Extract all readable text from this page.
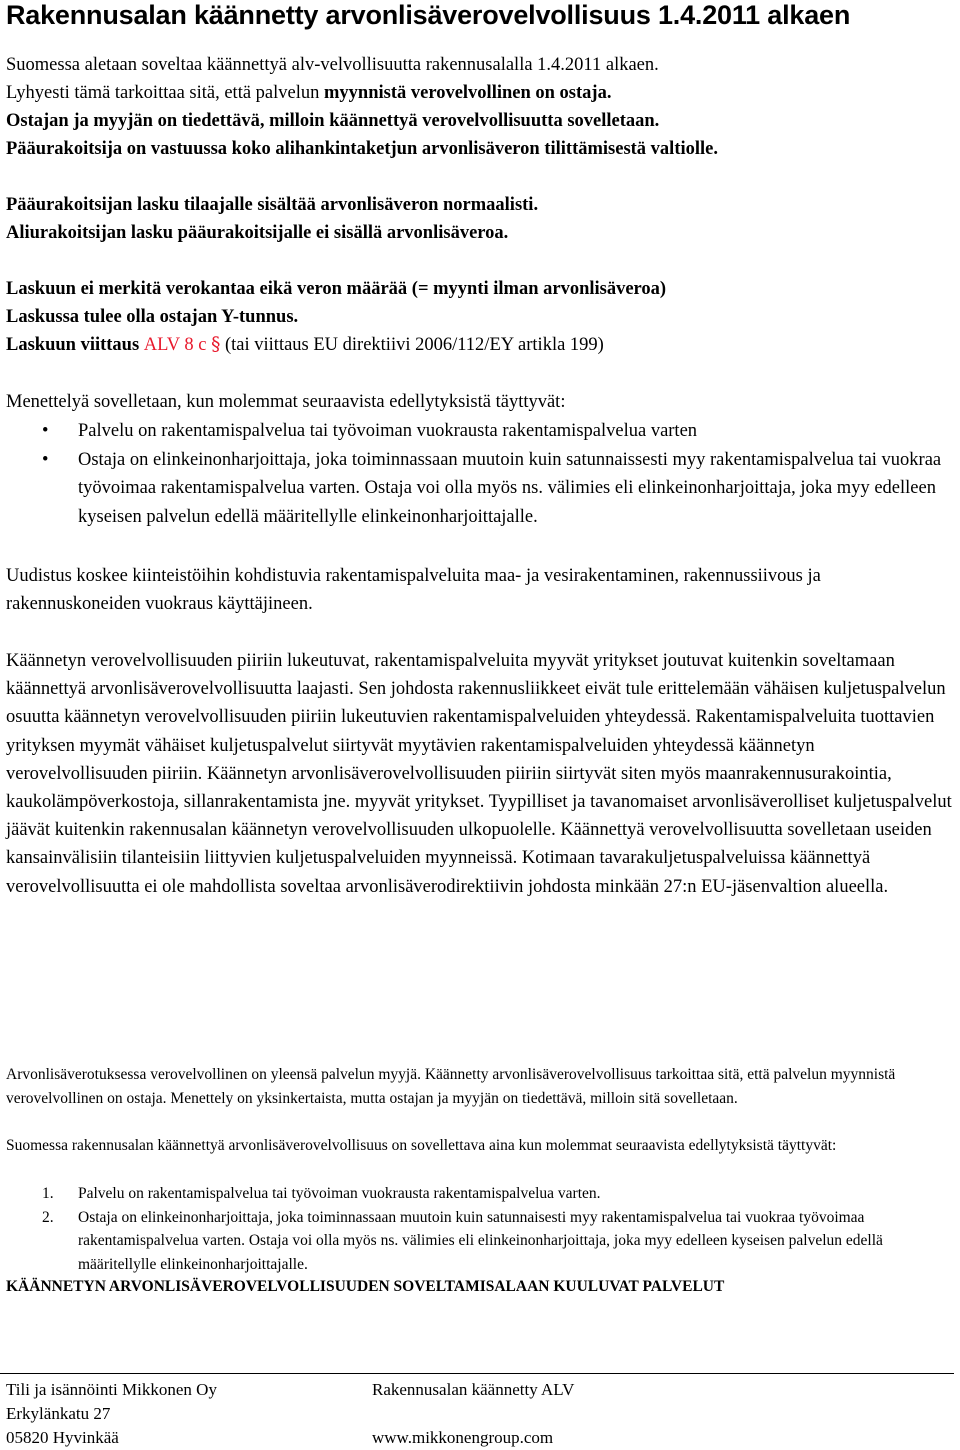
Rakennusalan käännetty arvonlisäverovelvollisuus 1.4.2011 alkaen
Suomessa aletaan soveltaa käännettyä alv-velvollisuutta rakennusalalla 1.4.2011 alkaen.
Lyhyesti tämä tarkoittaa sitä, että palvelun myynnistä verovelvollinen on ostaja.
Ostajan ja myyjän on tiedettävä, milloin käännettyä verovelvollisuutta sovelletaan.
Pääurakoitsija on vastuussa koko alihankintaketjun arvonlisäveron tilittämisestä valtiolle.
Pääurakoitsijan lasku tilaajalle sisältää arvonlisäveron normaalisti.
Aliurakoitsijan lasku pääurakoitsijalle ei sisällä arvonlisäveroa.
Laskuun ei merkitä verokantaa eikä veron määrää (= myynti ilman arvonlisäveroa)
Laskussa tulee olla ostajan Y-tunnus.
Laskuun viittaus ALV 8 c § (tai viittaus EU direktiivi 2006/112/EY artikla 199)
Menettelyä sovelletaan, kun molemmat seuraavista edellytyksistä täyttyvät:
•	Palvelu on rakentamispalvelua tai työvoiman vuokrausta rakentamispalvelua varten
•	Ostaja on elinkeinonharjoittaja, joka toiminnassaan muutoin kuin satunnaissesti myy rakentamispalvelua tai vuokraa työvoimaa rakentamispalvelua varten. Ostaja voi olla myös ns. välimies eli elinkeinonharjoittaja, joka myy edelleen kyseisen palvelun edellä määritellylle elinkeinonharjoittajalle.
Uudistus koskee kiinteistöihin kohdistuvia rakentamispalveluita maa- ja vesirakentaminen, rakennussiivous ja rakennuskoneiden vuokraus käyttäjineen.
Käännetyn verovelvollisuuden piiriin lukeutuvat, rakentamispalveluita myyvät yritykset joutuvat kuitenkin soveltamaan käännettyä arvonlisäverovelvollisuutta laajasti. Sen johdosta rakennusliikkeet eivät tule erittelemään vähäisen kuljetuspalvelun osuutta käännetyn verovelvollisuuden piiriin lukeutuvien rakentamispalveluiden yhteydessä. Rakentamispalveluita tuottavien yrityksen myymät vähäiset kuljetuspalvelut siirtyvät myytävien rakentamispalveluiden yhteydessä käännetyn verovelvollisuuden piiriin. Käännetyn arvonlisäverovelvollisuuden piiriin siirtyvät siten myös maanrakennusurakointia, kaukolämpöverkostoja, sillanrakentamista jne. myyvät yritykset. Tyypilliset ja tavanomaiset arvonlisäverolliset kuljetuspalvelut jäävät kuitenkin rakennusalan käännetyn verovelvollisuuden ulkopuolelle. Käännettyä verovelvollisuutta sovelletaan useiden kansainvälisiin tilanteisiin liittyvien kuljetuspalveluiden myynneissä. Kotimaan tavarakuljetuspalveluissa käännettyä verovelvollisuutta ei ole mahdollista soveltaa arvonlisäverodirektiivin johdosta minkään 27:n EU-jäsenvaltion alueella.
Arvonlisäverotuksessa verovelvollinen on yleensä palvelun myyjä. Käännetty arvonlisäverovelvollisuus tarkoittaa sitä, että palvelun myynnistä verovelvollinen on ostaja. Menettely on yksinkertaista, mutta ostajan ja myyjän on tiedettävä, milloin sitä sovelletaan.
Suomessa rakennusalan käännettyä arvonlisäverovelvollisuus on sovellettava aina kun molemmat seuraavista edellytyksistä täyttyvät:
1. Palvelu on rakentamispalvelua tai työvoiman vuokrausta rakentamispalvelua varten.
2. Ostaja on elinkeinonharjoittaja, joka toiminnassaan muutoin kuin satunnaisesti myy rakentamispalvelua tai vuokraa työvoimaa rakentamispalvelua varten. Ostaja voi olla myös ns. välimies eli elinkeinonharjoittaja, joka myy edelleen kyseisen palvelun edellä määritellylle elinkeinonharjoittajalle.
KÄÄNNETYN ARVONLISÄVEROVELVOLLISUUDEN SOVELTAMISALAAN KUULUVAT PALVELUT
Tili ja isännöinti Mikkonen Oy
Erkylänkatu 27
05820 Hyvinkää
Rakennusalan käännetty ALV

www.mikkonengroup.com
